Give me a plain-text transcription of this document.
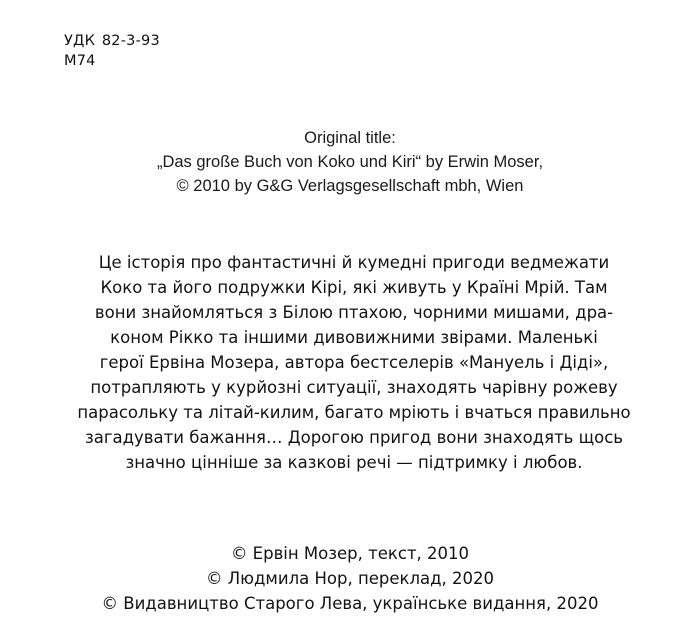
УДК 82-3-93
М74
Original title:
„Das große Buch von Koko und Kiri“ by Erwin Moser,
© 2010 by G&G Verlagsgesellschaft mbh, Wien
Це історія про фантастичні й кумедні пригоди ведмежати
Коко та його подружки Кірі, які живуть у Країні Мрій. Там
вони знайомляться з Білою птахою, чорними мишами, дра-
коном Рікко та іншими дивовижними звірами. Маленькі
герої Ервіна Мозера, автора бестселерів «Мануель і Діді»,
потрапляють у курйозні ситуації, знаходять чарівну рожеву
парасольку та літай-килим, багато мріють і вчаться правильно
загадувати бажання… Дорогою пригод вони знаходять щось
значно цінніше за казкові речі — підтримку і любов.
© Ервін Мозер, текст, 2010
© Людмила Нор, переклад, 2020
© Видавництво Старого Лева, українське видання, 2020
